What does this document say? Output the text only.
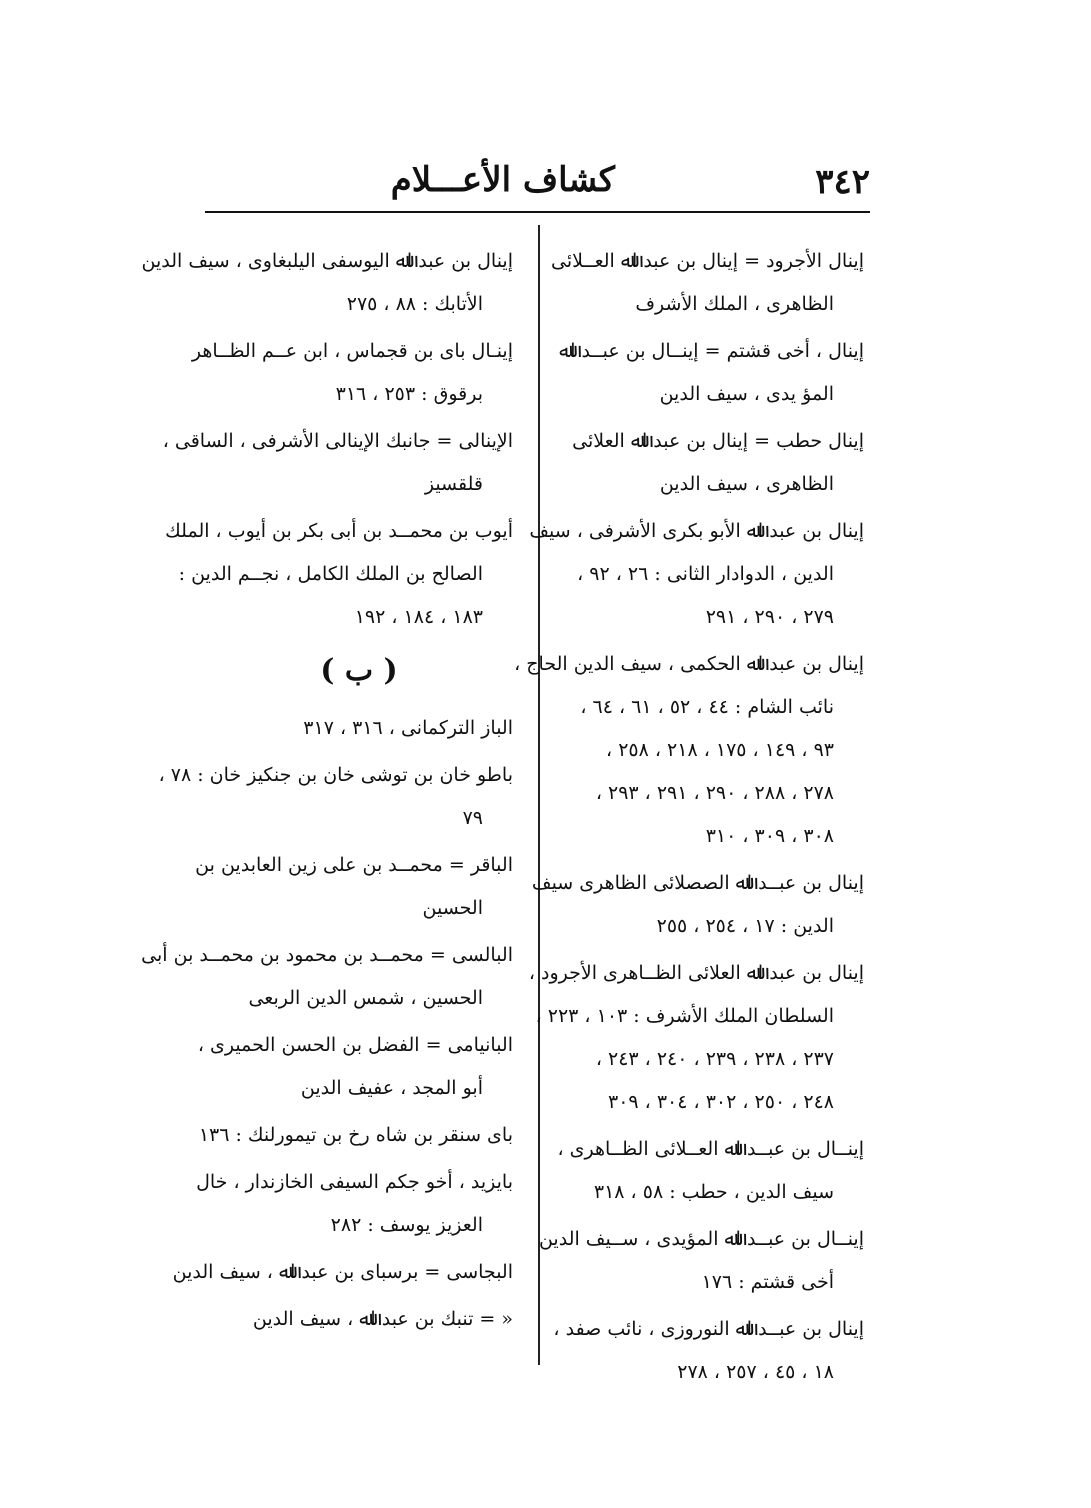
٣٤٢
كشاف الأعـــلام
إينال الأجرود = إينال بن عبد اﷲ العــلائى
الظاهرى ، الملك الأشرف
إينال ، أخى قشتم = إينــال بن عبــد اﷲ
المؤ يدى ، سيف الدين
إينال حطب = إينال بن عبد اﷲ العلائى
الظاهرى ، سيف الدين
إينال بن عبد اﷲ الأبو بكرى الأشرفى ، سيف
الدين ، الدوادار الثانى : ٢٦ ، ٩٢ ،
٢٧٩ ، ٢٩٠ ، ٢٩١
إينال بن عبد اﷲ الحكمى ، سيف الدين الحاج ،
نائب الشام : ٤٤ ، ٥٢ ، ٦١ ، ٦٤ ،
٩٣ ، ١٤٩ ، ١٧٥ ، ٢١٨ ، ٢٥٨ ،
٢٧٨ ، ٢٨٨ ، ٢٩٠ ، ٢٩١ ، ٢٩٣ ،
٣٠٨ ، ٣٠٩ ، ٣١٠
إينال بن عبــد اﷲ الصصلائى الظاهرى سيف
الدين : ١٧ ، ٢٥٤ ، ٢٥٥
إينال بن عبد اﷲ العلائى الظــاهرى الأجرود ،
السلطان الملك الأشرف : ١٠٣ ، ٢٢٣ ،
٢٣٧ ، ٢٣٨ ، ٢٣٩ ، ٢٤٠ ، ٢٤٣ ،
٢٤٨ ، ٢٥٠ ، ٣٠٢ ، ٣٠٤ ، ٣٠٩
إينــال بن عبــد اﷲ العــلائى الظــاهرى ،
سيف الدين ، حطب : ٥٨ ، ٣١٨
إينــال بن عبــد اﷲ المؤيدى ، ســيف الدين
أخى قشتم : ١٧٦
إينال بن عبــد اﷲ النوروزى ، نائب صفد ،
١٨ ، ٤٥ ، ٢٥٧ ، ٢٧٨
إينال بن عبد اﷲ اليوسفى اليلبغاوى ، سيف الدين
الأتابك : ٨٨ ، ٢٧٥
إينـال باى بن قجماس ، ابن عــم الظــاهر
برقوق : ٢٥٣ ، ٣١٦
الإينالى = جانبك الإينالى الأشرفى ، الساقى ،
قلقسيز
أيوب بن محمــد بن أبى بكر بن أيوب ، الملك
الصالح بن الملك الكامل ، نجــم الدين :
١٨٣ ، ١٨٤ ، ١٩٢
( ب )
الباز التركمانى ، ٣١٦ ، ٣١٧
باطو خان بن توشى خان بن جنكيز خان : ٧٨ ،
٧٩
الباقر = محمــد بن على زين العابدين بن
الحسين
البالسى = محمــد بن محمود بن محمــد بن أبى
الحسين ، شمس الدين الربعى
البانيامى = الفضل بن الحسن الحميرى ،
أبو المجد ، عفيف الدين
باى سنقر بن شاه رخ بن تيمورلنك : ١٣٦
بايزيد ، أخو جكم السيفى الخازندار ، خال
العزيز يوسف : ٢٨٢
البجاسى = برسباى بن عبد اﷲ ، سيف الدين
« = تنبك بن عبد اﷲ ، سيف الدين
